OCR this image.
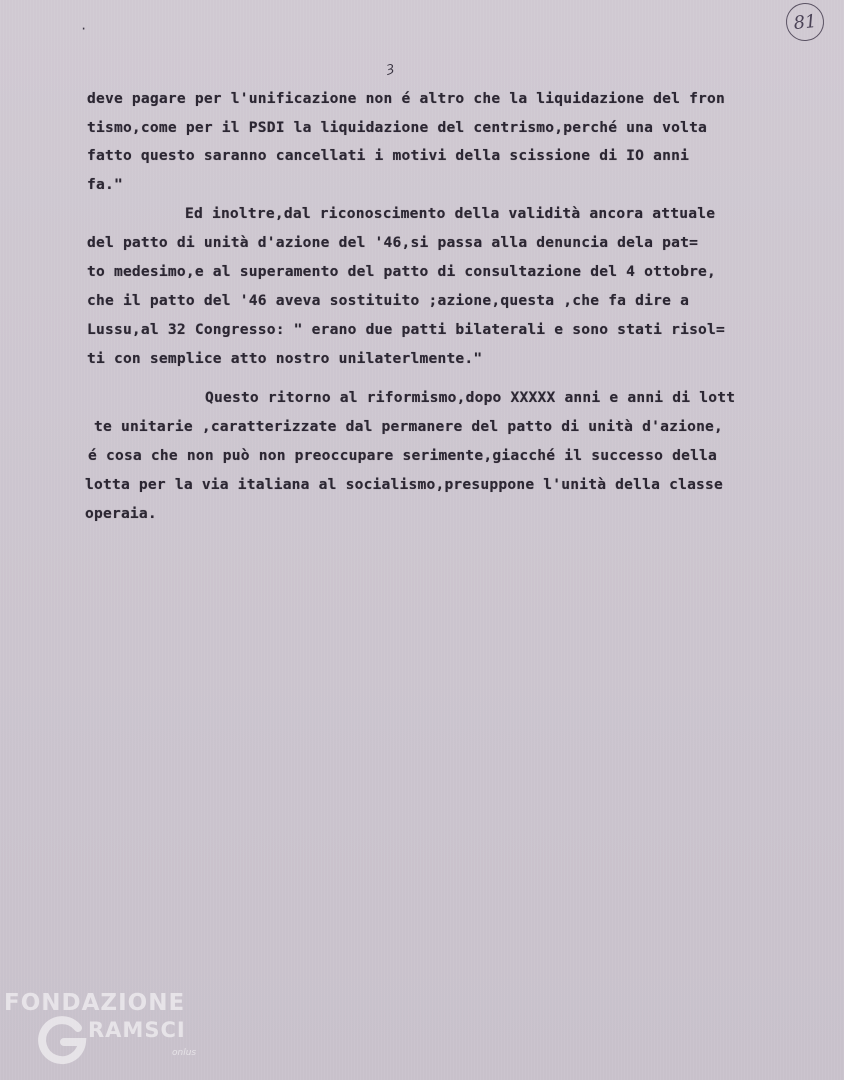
81
·
ȝ
deve pagare per l'unificazione non é altro che la liquidazione del fron
tismo,come per il PSDI la liquidazione del centrismo,perché una volta
fatto questo saranno cancellati i motivi della scissione di IO anni
fa."
Ed inoltre,dal riconoscimento della validità ancora attuale
del patto di unità d'azione del '46,si passa alla denuncia dela pat=
to medesimo,e al superamento del patto di consultazione del 4 ottobre,
che il patto del '46 aveva sostituito ;azione,questa ,che fa dire a
Lussu,al 32 Congresso: " erano due patti bilaterali e sono stati risol=
ti con semplice atto nostro unilaterlmente."
Questo ritorno al riformismo,dopo XXXXX anni e anni di lott
te unitarie ,caratterizzate dal permanere del patto di unità d'azione,
é cosa che non può non preoccupare serimente,giacché il successo della
lotta per la via italiana al socialismo,presuppone l'unità della classe
operaia.
FONDAZIONE
RAMSCI
onlus
